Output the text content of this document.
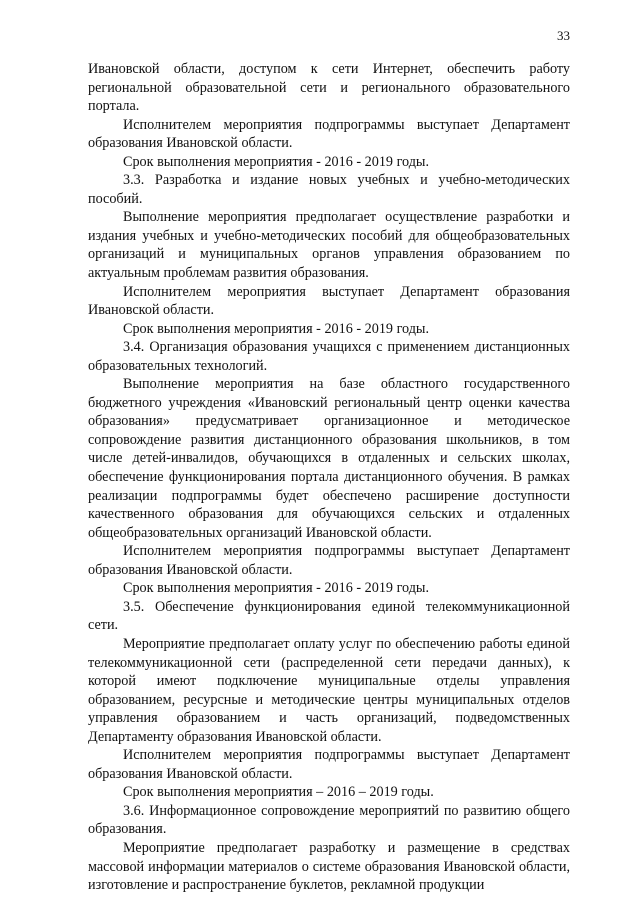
33

Ивановской области, доступом к сети Интернет, обеспечить работу региональной образовательной сети и регионального образовательного портала.

Исполнителем мероприятия подпрограммы выступает Департамент образования Ивановской области.

Срок выполнения мероприятия - 2016 - 2019 годы.

3.3. Разработка и издание новых учебных и учебно-методических пособий.

Выполнение мероприятия предполагает осуществление разработки и издания учебных и учебно-методических пособий для общеобразовательных организаций и муниципальных органов управления образованием по актуальным проблемам развития образования.

Исполнителем мероприятия выступает Департамент образования Ивановской области.

Срок выполнения мероприятия - 2016 - 2019 годы.

3.4. Организация образования учащихся с применением дистанционных образовательных технологий.

Выполнение мероприятия на базе областного государственного бюджетного учреждения «Ивановский региональный центр оценки качества образования» предусматривает организационное и методическое сопровождение развития дистанционного образования школьников, в том числе детей-инвалидов, обучающихся в отдаленных и сельских школах, обеспечение функционирования портала дистанционного обучения. В рамках реализации подпрограммы будет обеспечено расширение доступности качественного образования для обучающихся сельских и отдаленных общеобразовательных организаций Ивановской области.

Исполнителем мероприятия подпрограммы выступает Департамент образования Ивановской области.

Срок выполнения мероприятия - 2016 - 2019 годы.

3.5. Обеспечение функционирования единой телекоммуникационной сети.

Мероприятие предполагает оплату услуг по обеспечению работы единой телекоммуникационной сети (распределенной сети передачи данных), к которой имеют подключение муниципальные отделы управления образованием, ресурсные и методические центры муниципальных отделов управления образованием и часть организаций, подведомственных Департаменту образования Ивановской области.

Исполнителем мероприятия подпрограммы выступает Департамент образования Ивановской области.

Срок выполнения мероприятия – 2016 – 2019 годы.

3.6. Информационное сопровождение мероприятий по развитию общего образования.

Мероприятие предполагает разработку и размещение в средствах массовой информации материалов о системе образования Ивановской области, изготовление и распространение буклетов, рекламной продукции
